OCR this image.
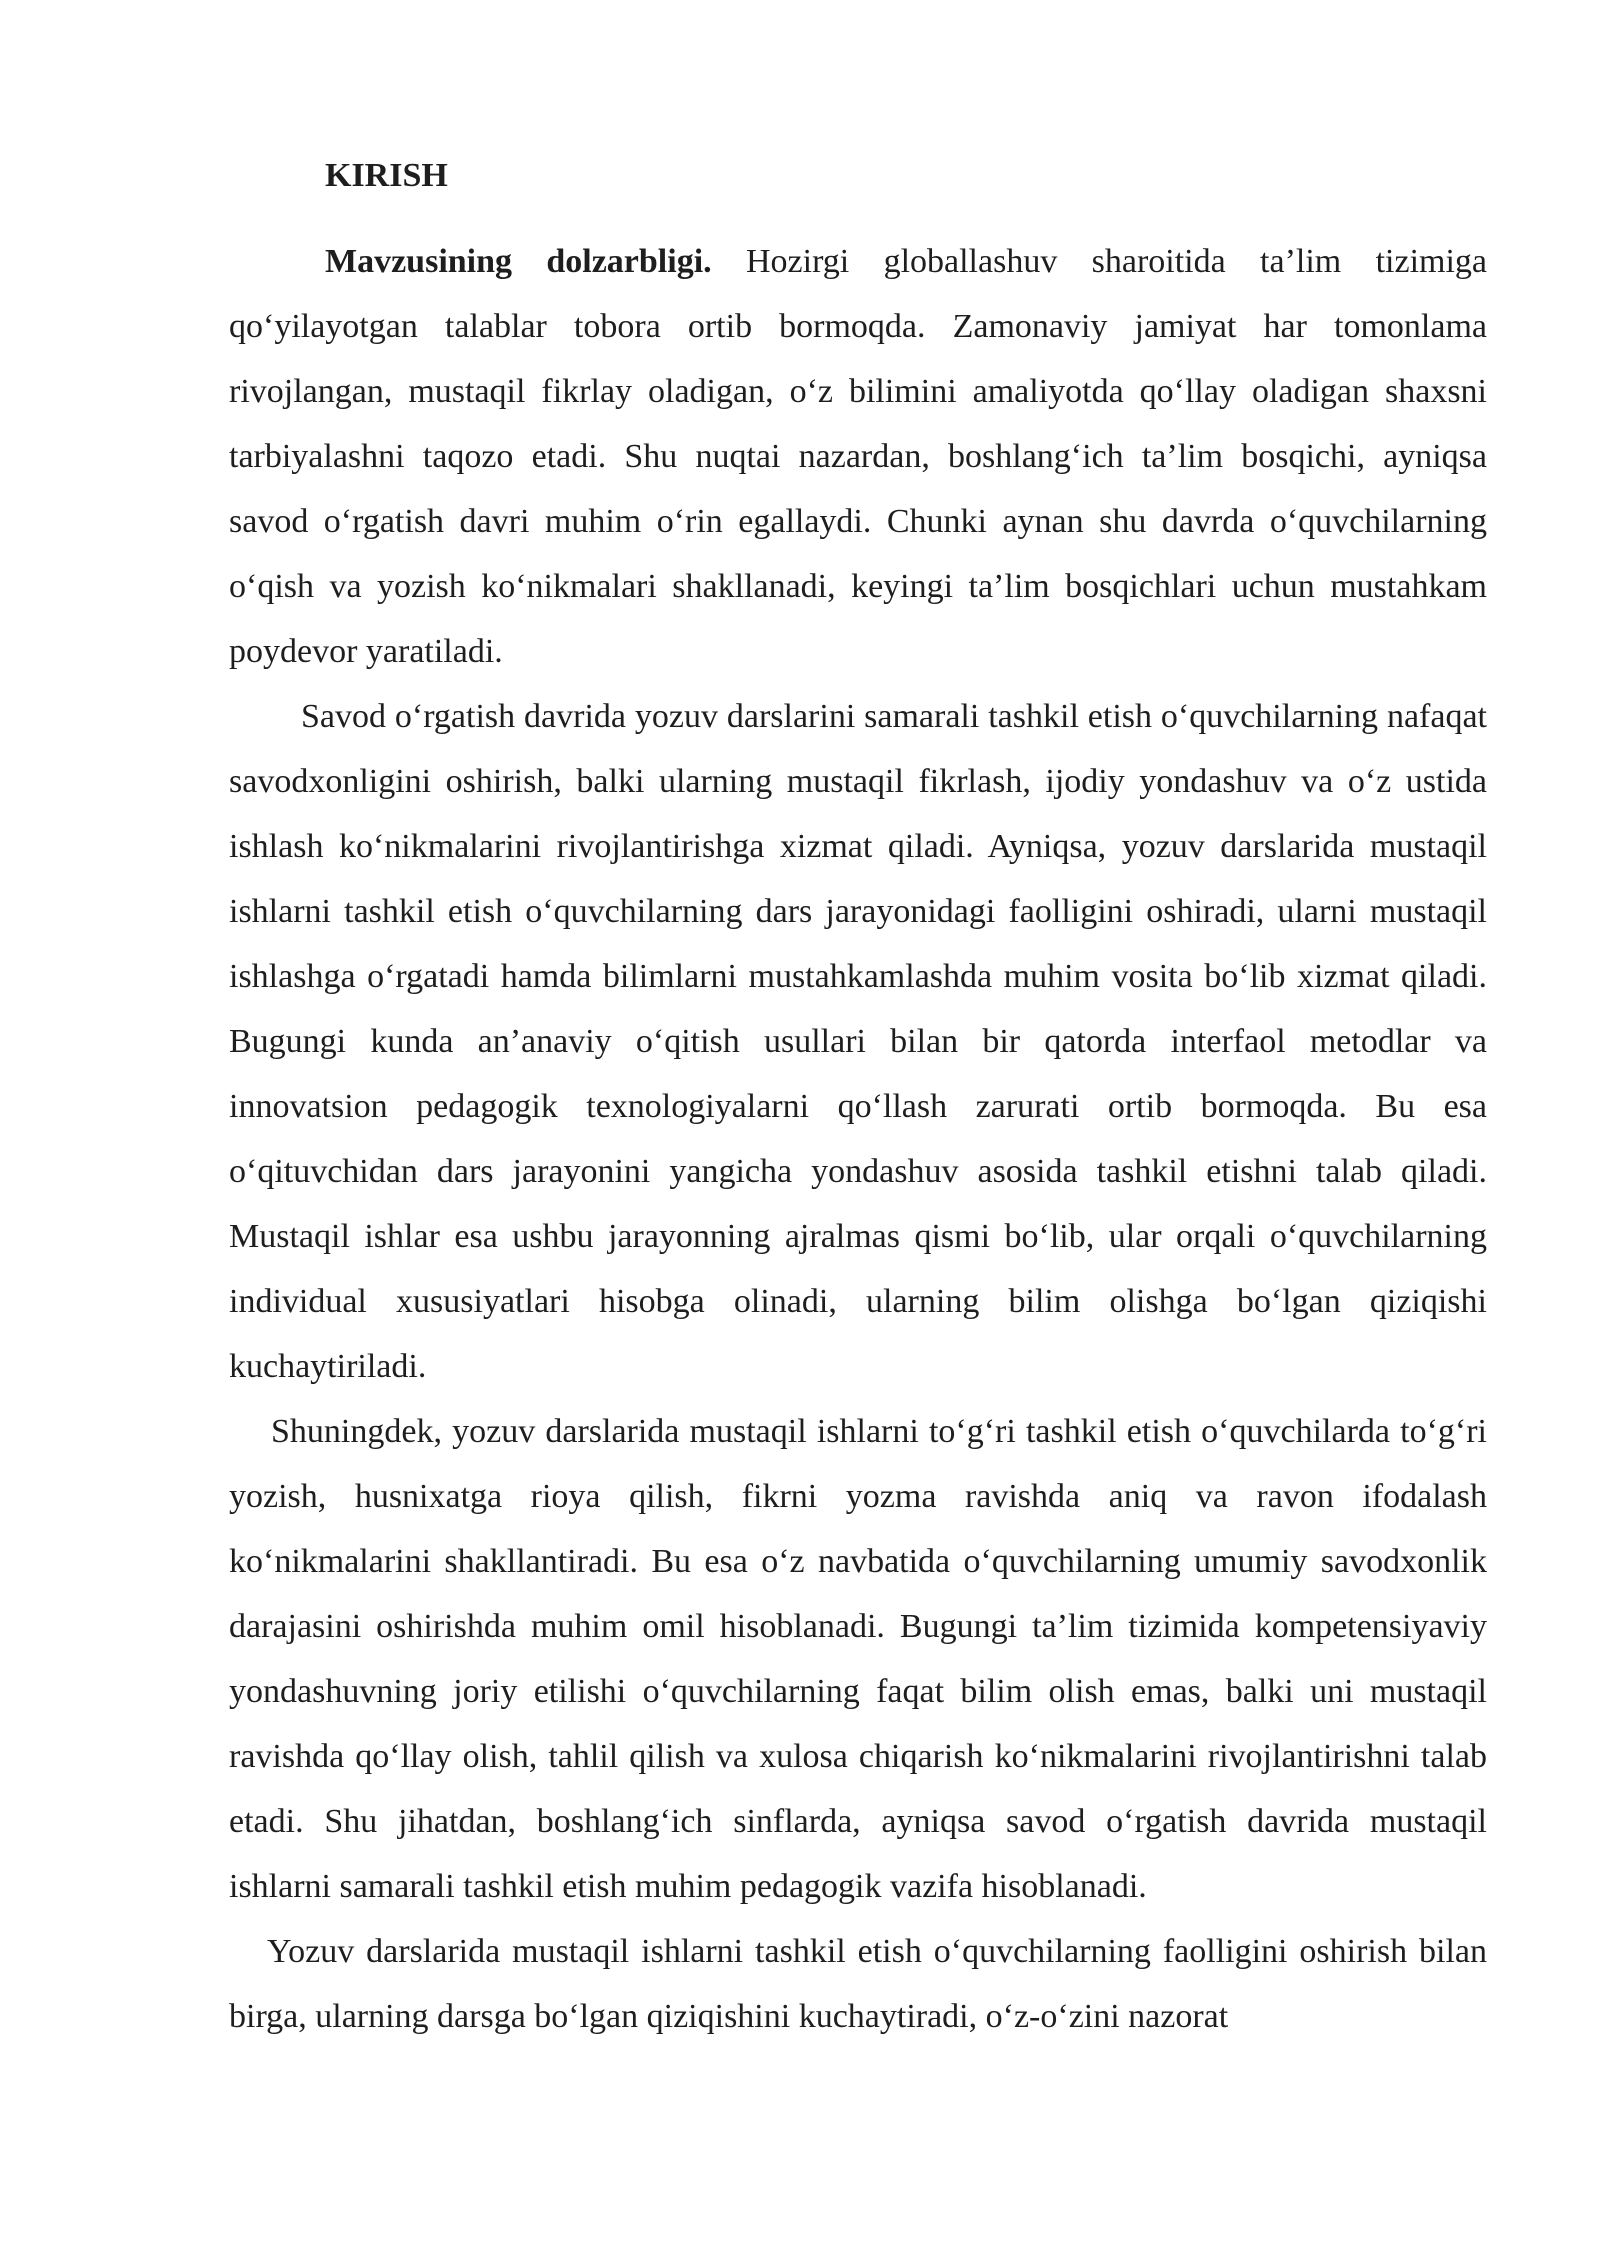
KIRISH

Mavzusining dolzarbligi. Hozirgi globallashuv sharoitida ta’lim tizimiga qo‘yilayotgan talablar tobora ortib bormoqda. Zamonaviy jamiyat har tomonlama rivojlangan, mustaqil fikrlay oladigan, o‘z bilimini amaliyotda qo‘llay oladigan shaxsni tarbiyalashni taqozo etadi. Shu nuqtai nazardan, boshlang‘ich ta’lim bosqichi, ayniqsa savod o‘rgatish davri muhim o‘rin egallaydi. Chunki aynan shu davrda o‘quvchilarning o‘qish va yozish ko‘nikmalari shakllanadi, keyingi ta’lim bosqichlari uchun mustahkam poydevor yaratiladi.

Savod o‘rgatish davrida yozuv darslarini samarali tashkil etish o‘quvchilarning nafaqat savodxonligini oshirish, balki ularning mustaqil fikrlash, ijodiy yondashuv va o‘z ustida ishlash ko‘nikmalarini rivojlantirishga xizmat qiladi. Ayniqsa, yozuv darslarida mustaqil ishlarni tashkil etish o‘quvchilarning dars jarayonidagi faolligini oshiradi, ularni mustaqil ishlashga o‘rgatadi hamda bilimlarni mustahkamlashda muhim vosita bo‘lib xizmat qiladi. Bugungi kunda an’anaviy o‘qitish usullari bilan bir qatorda interfaol metodlar va innovatsion pedagogik texnologiyalarni qo‘llash zarurati ortib bormoqda. Bu esa o‘qituvchidan dars jarayonini yangicha yondashuv asosida tashkil etishni talab qiladi. Mustaqil ishlar esa ushbu jarayonning ajralmas qismi bo‘lib, ular orqali o‘quvchilarning individual xususiyatlari hisobga olinadi, ularning bilim olishga bo‘lgan qiziqishi kuchaytiriladi.

Shuningdek, yozuv darslarida mustaqil ishlarni to‘g‘ri tashkil etish o‘quvchilarda to‘g‘ri yozish, husnixatga rioya qilish, fikrni yozma ravishda aniq va ravon ifodalash ko‘nikmalarini shakllantiradi. Bu esa o‘z navbatida o‘quvchilarning umumiy savodxonlik darajasini oshirishda muhim omil hisoblanadi. Bugungi ta’lim tizimida kompetensiyaviy yondashuvning joriy etilishi o‘quvchilarning faqat bilim olish emas, balki uni mustaqil ravishda qo‘llay olish, tahlil qilish va xulosa chiqarish ko‘nikmalarini rivojlantirishni talab etadi. Shu jihatdan, boshlang‘ich sinflarda, ayniqsa savod o‘rgatish davrida mustaqil ishlarni samarali tashkil etish muhim pedagogik vazifa hisoblanadi.

Yozuv darslarida mustaqil ishlarni tashkil etish o‘quvchilarning faolligini oshirish bilan birga, ularning darsga bo‘lgan qiziqishini kuchaytiradi, o‘z-o‘zini nazorat
